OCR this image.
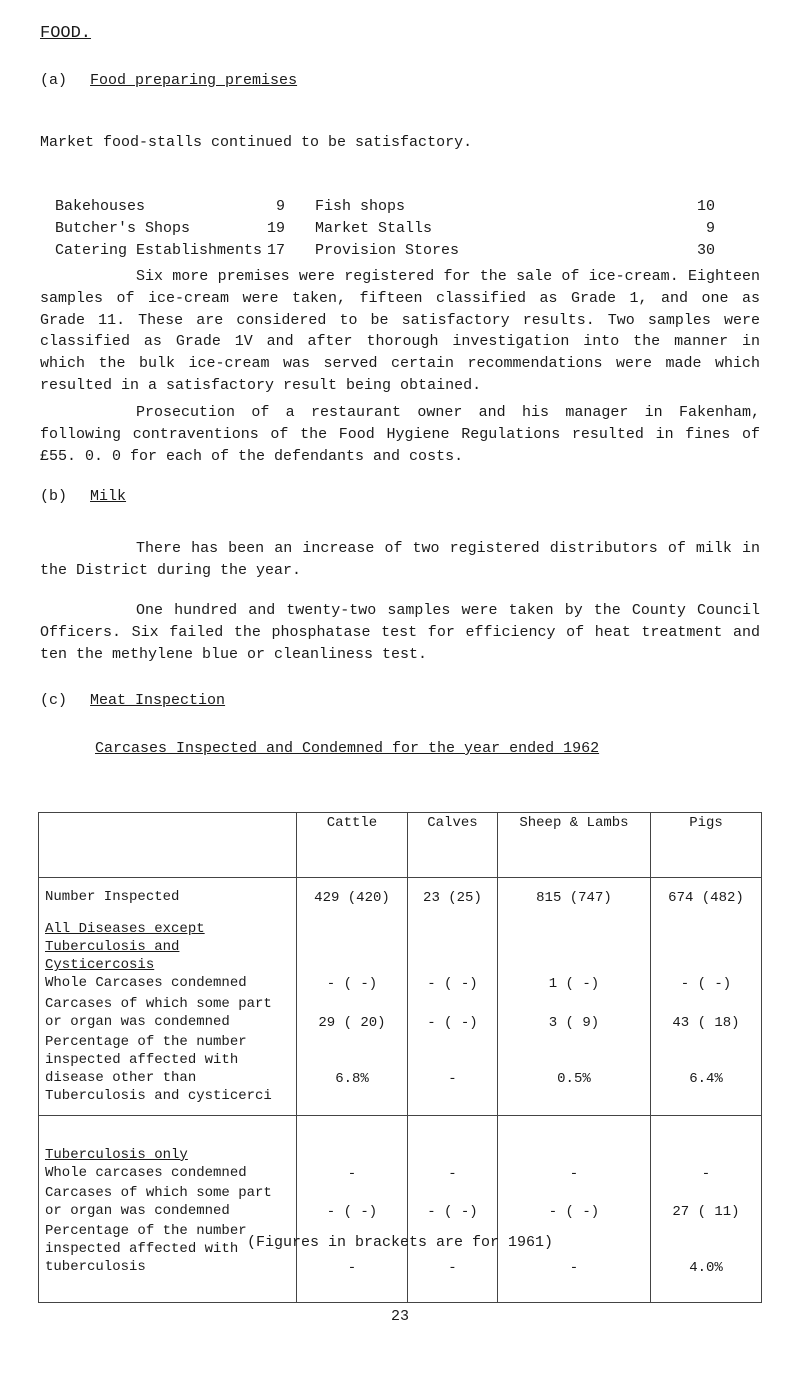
FOOD.
(a) Food preparing premises

Market food-stalls continued to be satisfactory.

Bakehouses	9 Fish shops	10
Butcher's Shops	19 Market Stalls	9
Catering Establishments 17 Provision Stores	30

Six more premises were registered for the sale of ice-cream. Eighteen samples of ice-cream were taken, fifteen classified as Grade 1, and one as Grade 11. These are considered to be satisfactory results. Two samples were classified as Grade 1V and after thorough investigation into the manner in which the bulk ice-cream was served certain recommendations were made which resulted in a satisfactory result being obtained.

Prosecution of a restaurant owner and his manager in Fakenham, following contraventions of the Food Hygiene Regulations resulted in fines of £55. 0. 0 for each of the defendants and costs.

(b) Milk

There has been an increase of two registered distributors of milk in the District during the year.

One hundred and twenty-two samples were taken by the County Council Officers. Six failed the phosphatase test for efficiency of heat treatment and ten the methylene blue or cleanliness test.

(c) Meat Inspection
Carcases Inspected and Condemned for the year ended 1962
	Cattle	Calves	Sheep & Lambs	Pigs
Number Inspected	429 (420)	23 (25)	815 (747)	674 (482)
All Diseases except Tuberculosis and Cysticercosis				
Whole Carcases condemned	- ( -)	- ( -)	1 ( -)	- ( -)
Carcases of which some part or organ was condemned	29 ( 20)	- ( -)	3 ( 9)	43 ( 18)
Percentage of the number inspected affected with disease other than Tuberculosis and cysticerci	6.8%	-	0.5%	6.4%
Tuberculosis only				
Whole carcases condemned	-	-	-	-
Carcases of which some part or organ was condemned	- ( -)	- ( -)	- ( -)	27 ( 11)
Percentage of the number inspected affected with tuberculosis	-	-	-	4.0%
(Figures in brackets are for 1961)
23
